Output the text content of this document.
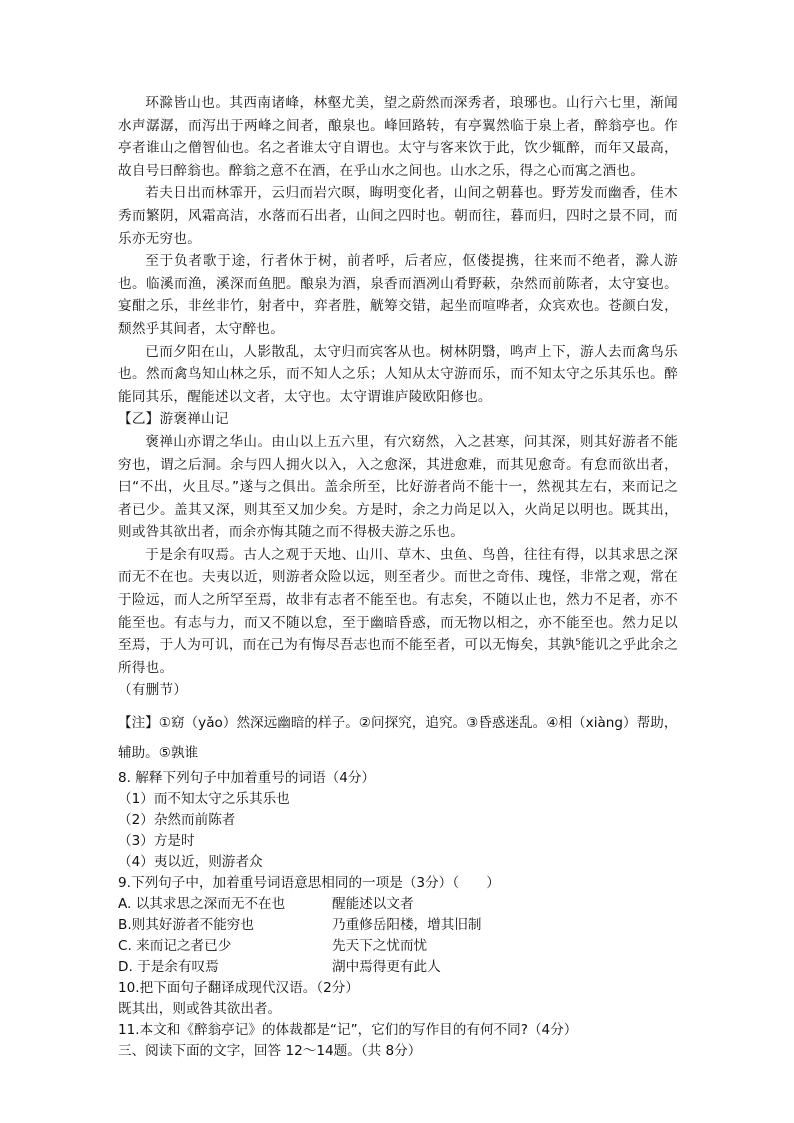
环滁皆山也。其西南诸峰，林壑尤美，望之蔚然而深秀者，琅琊也。山行六七里，渐闻水声潺潺，而泻出于两峰之间者，酿泉也。峰回路转，有亭翼然临于泉上者，醉翁亭也。作亭者谁山之僧智仙也。名之者谁太守自谓也。太守与客来饮于此，饮少辄醉，而年又最高，故自号曰醉翁也。醉翁之意不在酒，在乎山水之间也。山水之乐，得之心而寓之酒也。

若夫日出而林霏开，云归而岩穴暝，晦明变化者，山间之朝暮也。野芳发而幽香，佳木秀而繁阴，风霜高洁，水落而石出者，山间之四时也。朝而往，暮而归，四时之景不同，而乐亦无穷也。

至于负者歌于途，行者休于树，前者呼，后者应，伛偻提携，往来而不绝者，滁人游也。临溪而渔，溪深而鱼肥。酿泉为酒，泉香而酒冽山肴野蔌，杂然而前陈者，太守宴也。宴酣之乐，非丝非竹，射者中，弈者胜，觥筹交错，起坐而喧哗者，众宾欢也。苍颜白发，颓然乎其间者，太守醉也。

已而夕阳在山，人影散乱，太守归而宾客从也。树林阴翳，鸣声上下，游人去而禽鸟乐也。然而禽鸟知山林之乐，而不知人之乐；人知从太守游而乐，而不知太守之乐其乐也。醉能同其乐，醒能述以文者，太守也。太守谓谁庐陵欧阳修也。

【乙】游褒禅山记

褒禅山亦谓之华山。由山以上五六里，有穴窈然，入之甚寒，问其深，则其好游者不能穷也，谓之后洞。余与四人拥火以入，入之愈深，其进愈难，而其见愈奇。有怠而欲出者，曰“不出，火且尽。”遂与之俱出。盖余所至，比好游者尚不能十一，然视其左右，来而记之者已少。盖其又深，则其至又加少矣。方是时，余之力尚足以入，火尚足以明也。既其出，则或咎其欲出者，而余亦悔其随之而不得极夫游之乐也。

于是余有叹焉。古人之观于天地、山川、草木、虫鱼、鸟兽，往往有得，以其求思之深而无不在也。夫夷以近，则游者众险以远，则至者少。而世之奇伟、瑰怪，非常之观，常在于险远，而人之所罕至焉，故非有志者不能至也。有志矣，不随以止也，然力不足者，亦不能至也。有志与力，而又不随以怠，至于幽暗昏惑，而无物以相之，亦不能至也。然力足以至焉，于人为可讥，而在己为有悔尽吾志也而不能至者，可以无悔矣，其孰⁵能讥之乎此余之所得也。

（有删节）

【注】①窈（yǎo）然深远幽暗的样子。②问探究，追究。③昏惑迷乱。④相（xiàng）帮助，
辅助。⑤孰谁

8. 解释下列句子中加着重号的词语（4分）

（1）而不知太守之乐其乐也

（2）杂然而前陈者

（3）方是时

（4）夷以近，则游者众

9.下列句子中，加着重号词语意思相同的一项是（3分）（　　）

A. 以其求思之深而无不在也	醒能述以文者
B.则其好游者不能穷也	乃重修岳阳楼，增其旧制
C. 来而记之者已少	先天下之忧而忧
D. 于是余有叹焉	湖中焉得更有此人

10.把下面句子翻译成现代汉语。（2分）

既其出，则或咎其欲出者。

11.本文和《醉翁亭记》的体裁都是“记”，它们的写作目的有何不同?（4分）

三、阅读下面的文字，回答 12～14题。（共 8分）
